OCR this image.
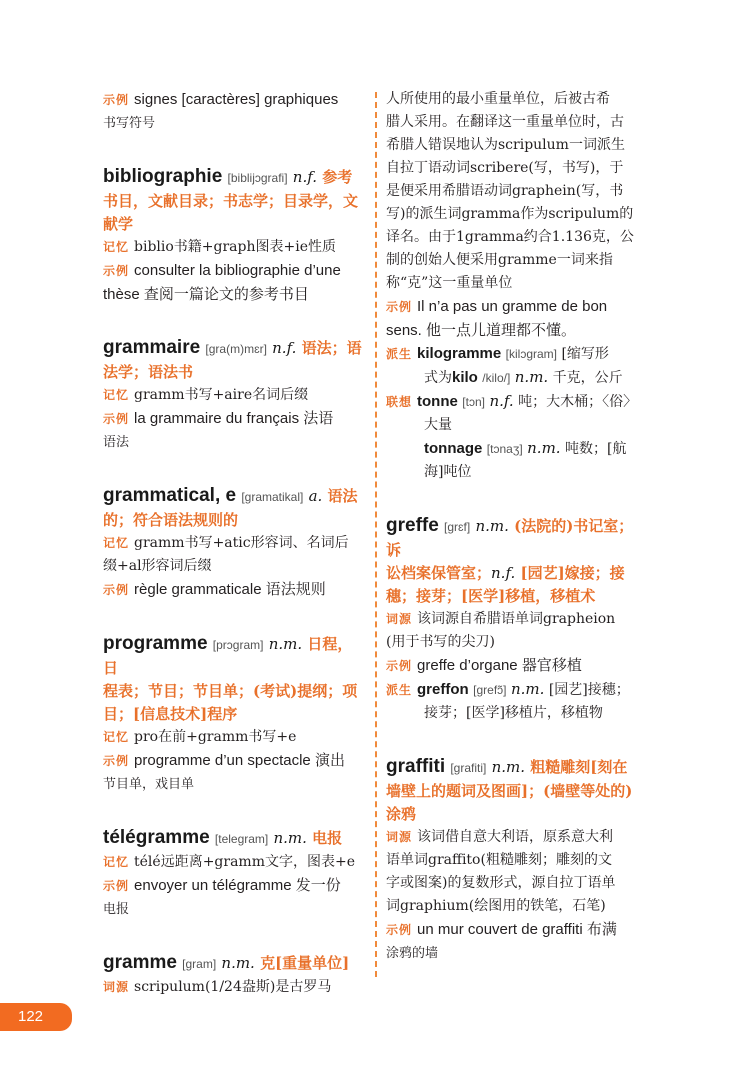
示例 signes [caractères] graphiques
书写符号
bibliographie [biblijɔgrafi] n.f. 参考
书目，文献目录；书志学；目录学，文
献学
记忆 biblio书籍+graph图表+ie性质
示例 consulter la bibliographie d’une
thèse 查阅一篇论文的参考书目
grammaire [gra(m)mɛr] n.f. 语法；语
法学；语法书
记忆 gramm书写+aire名词后缀
示例 la grammaire du français 法语
语法
grammatical, e [gramatikal] a. 语法
的；符合语法规则的
记忆 gramm书写+atic形容词、名词后
缀+al形容词后缀
示例 règle grammaticale 语法规则
programme [prɔgram] n.m. 日程，日
程表；节目；节目单；(考试)提纲；项
目；[信息技术]程序
记忆 pro在前+gramm书写+e
示例 programme d’un spectacle 演出
节目单，戏目单
télégramme [telegram] n.m. 电报
记忆 télé远距离+gramm文字，图表+e
示例 envoyer un télégramme 发一份
电报
gramme [gram] n.m. 克[重量单位]
词源 scripulum(1/24盎斯)是古罗马
人所使用的最小重量单位，后被古希
腊人采用。在翻译这一重量单位时，古
希腊人错误地认为scripulum一词派生
自拉丁语动词scribere(写，书写)，于
是便采用希腊语动词graphein(写，书
写)的派生词gramma作为scripulum的
译名。由于1gramma约合1.136克，公
制的创始人便采用gramme一词来指
称“克”这一重量单位
示例 Il n’a pas un gramme de bon
sens. 他一点儿道理都不懂。
派生 kilogramme [kilɔgram] [缩写形
式为kilo /kilo/] n.m. 千克，公斤
联想 tonne [tɔn] n.f. 吨；大木桶；〈俗〉
大量
tonnage [tɔnaʒ] n.m. 吨数；[航
海]吨位
greffe [grɛf] n.m. (法院的)书记室；诉
讼档案保管室；n.f. [园艺]嫁接；接
穗；接芽；[医学]移植，移植术
词源 该词源自希腊语单词grapheion
(用于书写的尖刀)
示例 greffe d’organe 器官移植
派生 greffon [grefɔ̃] n.m. [园艺]接穗；
接芽；[医学]移植片，移植物
graffiti [grafiti] n.m. 粗糙雕刻[刻在
墙壁上的题词及图画]；(墙壁等处的)
涂鸦
词源 该词借自意大利语，原系意大利
语单词graffito(粗糙雕刻；雕刻的文
字或图案)的复数形式，源自拉丁语单
词graphium(绘图用的铁笔，石笔)
示例 un mur couvert de graffiti 布满
涂鸦的墙
122
